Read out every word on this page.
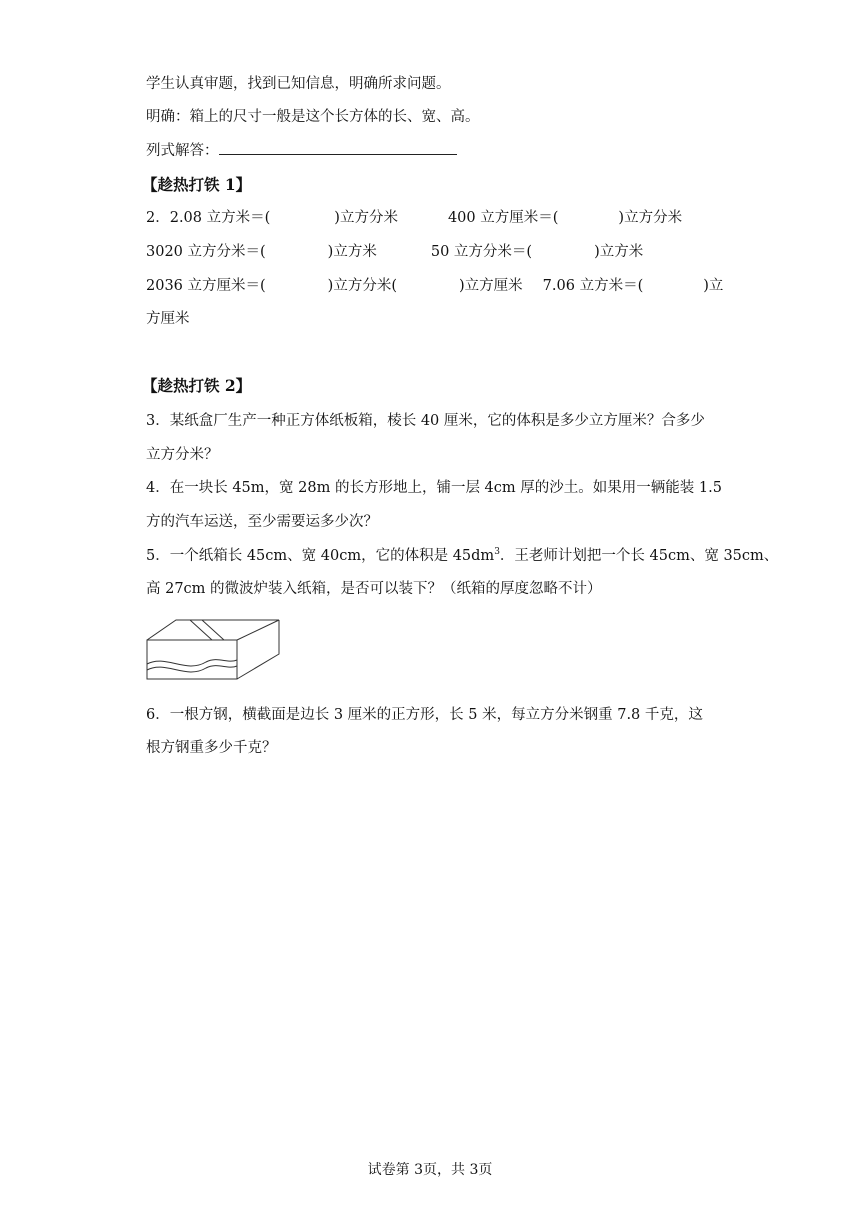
学生认真审题，找到已知信息，明确所求问题。
明确：箱上的尺寸一般是这个长方体的长、宽、高。
列式解答：
【趁热打铁 1】
2．2.08 立方米＝(	)立方分米	400 立方厘米＝(	)立方分米
3020 立方分米＝(	)立方米	50 立方分米＝(	)立方米
2036 立方厘米＝(	)立方分米(	)立方厘米 7.06 立方米＝(	)立
方厘米
【趁热打铁 2】
3．某纸盒厂生产一种正方体纸板箱，棱长 40 厘米，它的体积是多少立方厘米？合多少
立方分米？
4．在一块长 45m，宽 28m 的长方形地上，铺一层 4cm 厚的沙土。如果用一辆能装 1.5
方的汽车运送，至少需要运多少次？
5．一个纸箱长 45cm、宽 40cm，它的体积是 $45dm^3$．王老师计划把一个长 45cm、宽 35cm、
高 27cm 的微波炉装入纸箱，是否可以装下？（纸箱的厚度忽略不计）
6．一根方钢，横截面是边长 3 厘米的正方形，长 5 米，每立方分米钢重 7.8 千克，这
根方钢重多少千克？
试卷第 3页，共 3页
